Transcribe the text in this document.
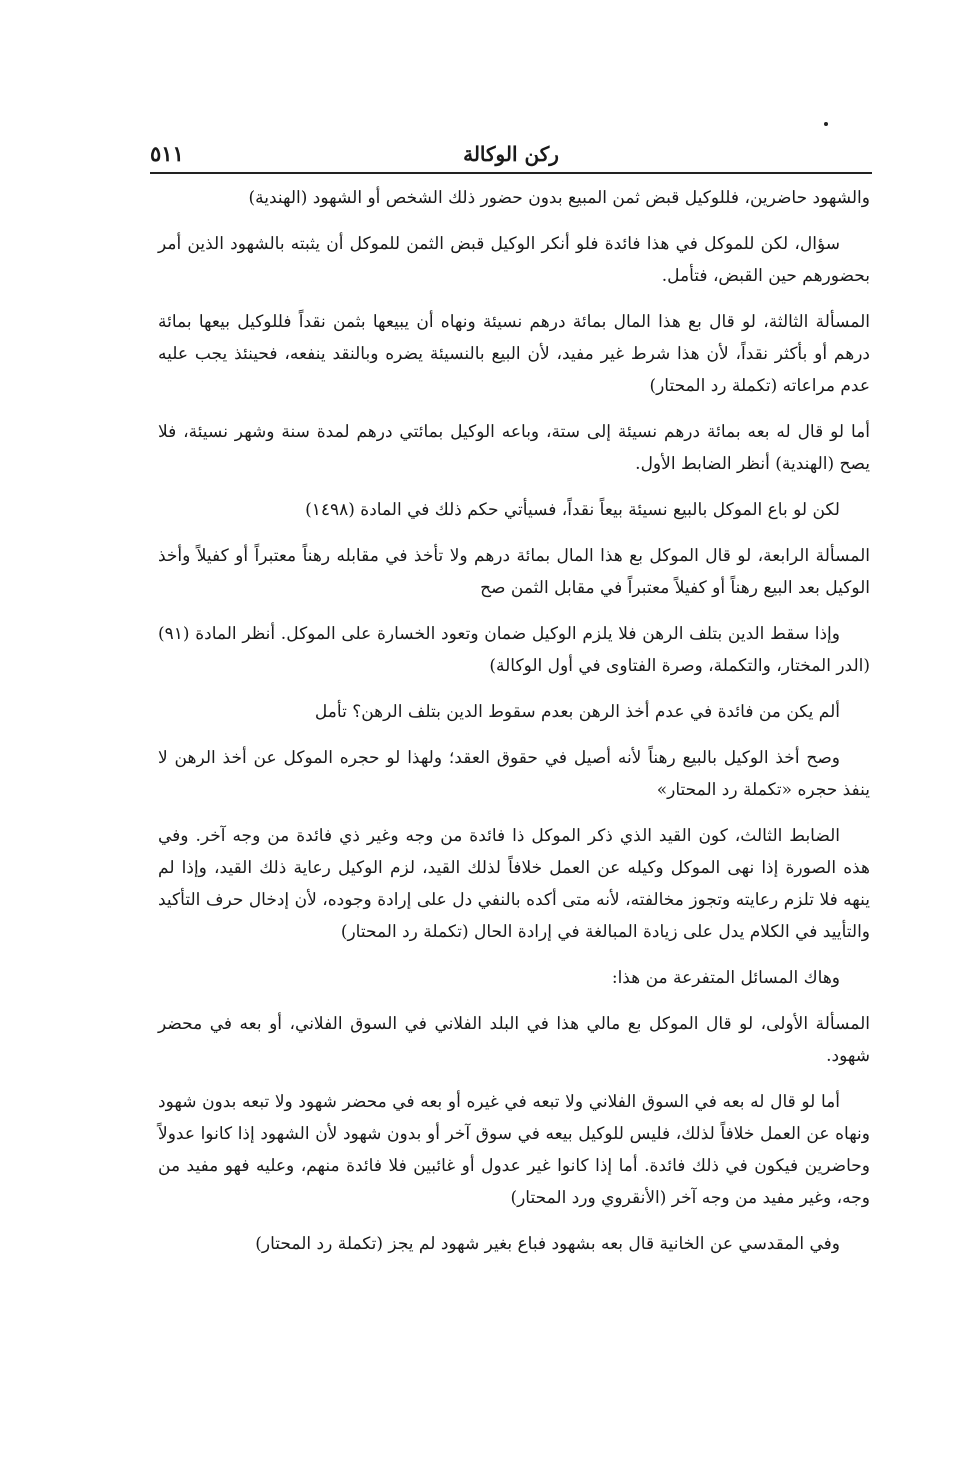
ركن الوكالة
٥١١

والشهود حاضرين، فللوكيل قبض ثمن المبيع بدون حضور ذلك الشخص أو الشهود (الهندية)

سؤال، لكن للموكل في هذا فائدة فلو أنكر الوكيل قبض الثمن للموكل أن يثبته بالشهود الذين أمر بحضورهم حين القبض، فتأمل.

المسألة الثالثة، لو قال بع هذا المال بمائة درهم نسيئة ونهاه أن يبيعها بثمن نقداً فللوكيل بيعها بمائة درهم أو بأكثر نقداً، لأن هذا شرط غير مفيد، لأن البيع بالنسيئة يضره وبالنقد ينفعه، فحينئذ يجب عليه عدم مراعاته (تكملة رد المحتار)

أما لو قال له بعه بمائة درهم نسيئة إلى ستة، وباعه الوكيل بمائتي درهم لمدة سنة وشهر نسيئة، فلا يصح (الهندية) أنظر الضابط الأول.

لكن لو باع الموكل بالبيع نسيئة بيعاً نقداً، فسيأتي حكم ذلك في المادة (١٤٩٨)

المسألة الرابعة، لو قال الموكل بع هذا المال بمائة درهم ولا تأخذ في مقابله رهناً معتبراً أو كفيلاً وأخذ الوكيل بعد البيع رهناً أو كفيلاً معتبراً في مقابل الثمن صح

وإذا سقط الدين بتلف الرهن فلا يلزم الوكيل ضمان وتعود الخسارة على الموكل. أنظر المادة (٩١) (الدر المختار، والتكملة، وصرة الفتاوى في أول الوكالة)

ألم يكن من فائدة في عدم أخذ الرهن بعدم سقوط الدين بتلف الرهن؟ تأمل

وصح أخذ الوكيل بالبيع رهناً لأنه أصيل في حقوق العقد؛ ولهذا لو حجره الموكل عن أخذ الرهن لا ينفذ حجره «تكملة رد المحتار»

الضابط الثالث، كون القيد الذي ذكر الموكل ذا فائدة من وجه وغير ذي فائدة من وجه آخر. وفي هذه الصورة إذا نهى الموكل وكيله عن العمل خلافاً لذلك القيد، لزم الوكيل رعاية ذلك القيد، وإذا لم ينهه فلا تلزم رعايته وتجوز مخالفته، لأنه متى أكده بالنفي دل على إرادة وجوده، لأن إدخال حرف التأكيد والتأييد في الكلام يدل على زيادة المبالغة في إرادة الحال (تكملة رد المحتار)

وهاك المسائل المتفرعة من هذا:

المسألة الأولى، لو قال الموكل بع مالي هذا في البلد الفلاني في السوق الفلاني، أو بعه في محضر شهود.

أما لو قال له بعه في السوق الفلاني ولا تبعه في غيره أو بعه في محضر شهود ولا تبعه بدون شهود ونهاه عن العمل خلافاً لذلك، فليس للوكيل بيعه في سوق آخر أو بدون شهود لأن الشهود إذا كانوا عدولاً وحاضرين فيكون في ذلك فائدة. أما إذا كانوا غير عدول أو غائبين فلا فائدة منهم، وعليه فهو مفيد من وجه، وغير مفيد من وجه آخر (الأنقروي ورد المحتار)

وفي المقدسي عن الخانية قال بعه بشهود فباع بغير شهود لم يجز (تكملة رد المحتار)
